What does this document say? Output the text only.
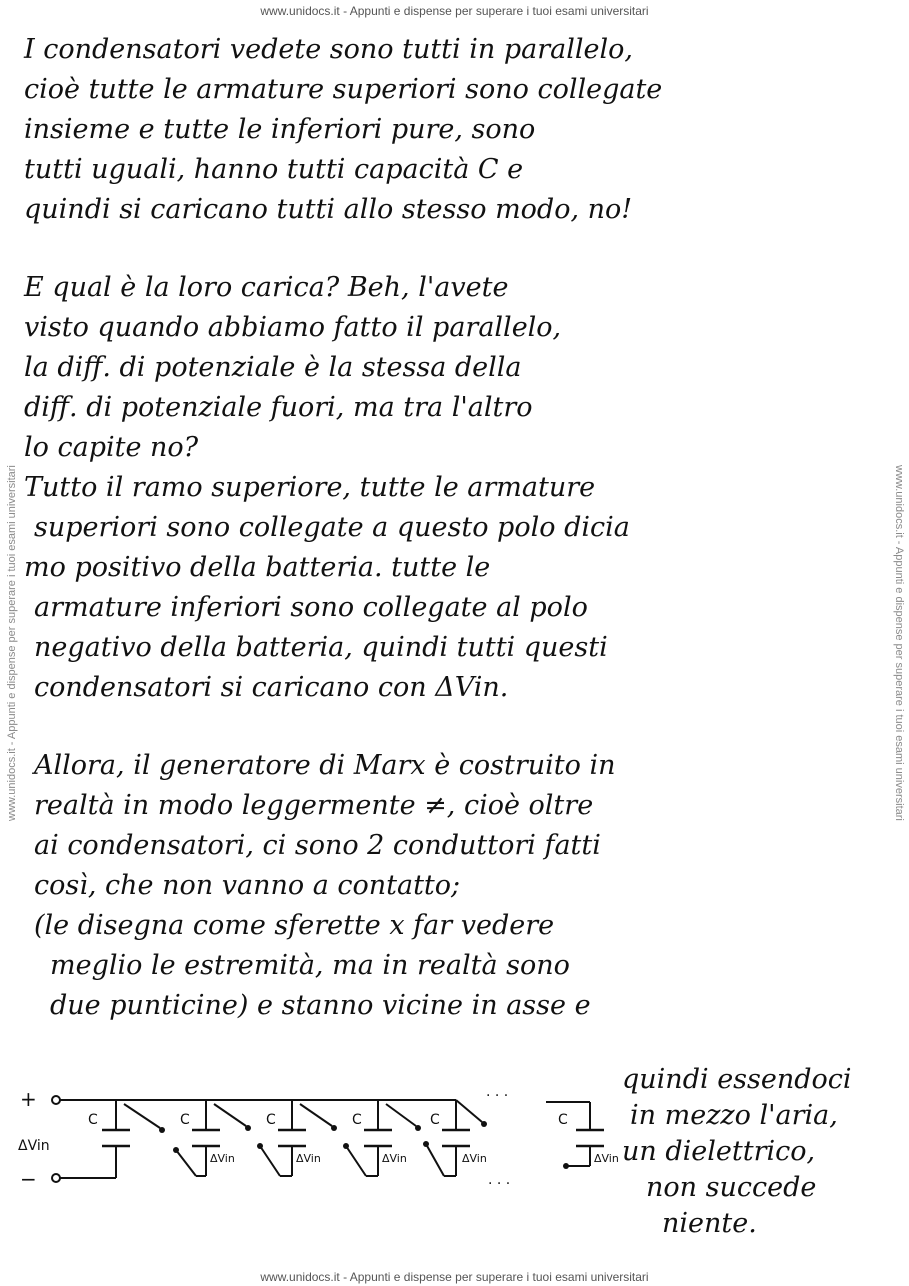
www.unidocs.it - Appunti e dispense per superare i tuoi esami universitari
www.unidocs.it - Appunti e dispense per superare i tuoi esami universitari	www.unidocs.it - Appunti e dispense per superare i tuoi esami universitari

I condensatori vedete sono tutti in parallelo,

cioè tutte le armature superiori sono collegate

insieme e tutte le inferiori pure, sono

tutti uguali, hanno tutti capacità C e

quindi si caricano tutti allo stesso modo, no!

E qual è la loro carica? Beh, l'avete

visto quando abbiamo fatto il parallelo,

la diff. di potenziale è la stessa della

diff. di potenziale fuori, ma tra l'altro

lo capite no?

Tutto il ramo superiore, tutte le armature

superiori sono collegate a questo polo dicia

mo positivo della batteria. tutte le

armature inferiori sono collegate al polo

negativo della batteria, quindi tutti questi

condensatori si caricano con ΔVin.

Allora, il generatore di Marx è costruito in

realtà in modo leggermente ≠, cioè oltre

ai condensatori, ci sono 2 conduttori fatti

così, che non vanno a contatto;

(le disegna come sferette x far vedere

meglio le estremità, ma in realtà sono

due punticine) e stanno vicine in asse e

+
−
ΔVin
C	C
ΔVin
C
ΔVin
C
ΔVin
C
ΔVin
· · ·
· · ·
C
ΔVin

quindi essendoci

in mezzo l'aria,

un dielettrico,

non succede

niente.

www.unidocs.it - Appunti e dispense per superare i tuoi esami universitari
